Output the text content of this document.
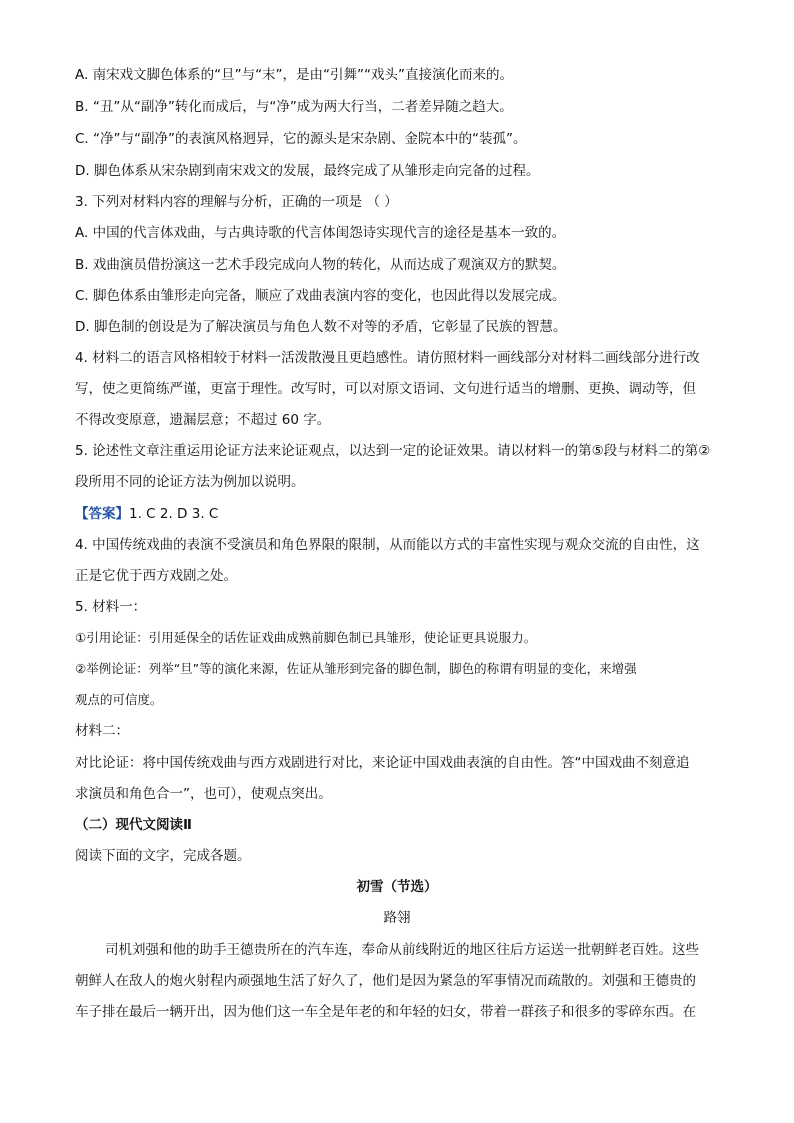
A. 南宋戏文脚色体系的“旦”与“末”，是由“引舞”“戏头”直接演化而来的。
B. “丑”从“副净”转化而成后，与“净”成为两大行当，二者差异随之趋大。
C. “净”与“副净”的表演风格迥异，它的源头是宋杂剧、金院本中的“装孤”。
D. 脚色体系从宋杂剧到南宋戏文的发展，最终完成了从雏形走向完备的过程。
3. 下列对材料内容的理解与分析，正确的一项是 （ ）
A. 中国的代言体戏曲，与古典诗歌的代言体闺怨诗实现代言的途径是基本一致的。
B. 戏曲演员借扮演这一艺术手段完成向人物的转化，从而达成了观演双方的默契。
C. 脚色体系由雏形走向完备，顺应了戏曲表演内容的变化，也因此得以发展完成。
D. 脚色制的创设是为了解决演员与角色人数不对等的矛盾，它彰显了民族的智慧。
4. 材料二的语言风格相较于材料一活泼散漫且更趋感性。请仿照材料一画线部分对材料二画线部分进行改
写，使之更简练严谨，更富于理性。改写时，可以对原文语词、文句进行适当的增删、更换、调动等，但
不得改变原意，遗漏层意；不超过 60 字。
5. 论述性文章注重运用论证方法来论证观点，以达到一定的论证效果。请以材料一的第⑤段与材料二的第②
段所用不同的论证方法为例加以说明。
【答案】1. C 2. D 3. C
4. 中国传统戏曲的表演不受演员和角色界限的限制，从而能以方式的丰富性实现与观众交流的自由性，这
正是它优于西方戏剧之处。
5. 材料一：
①引用论证：引用延保全的话佐证戏曲成熟前脚色制已具雏形，使论证更具说服力。
②举例论证：列举“旦”等的演化来源，佐证从雏形到完备的脚色制，脚色的称谓有明显的变化，来增强
观点的可信度。
材料二：
对比论证：将中国传统戏曲与西方戏剧进行对比，来论证中国戏曲表演的自由性。答“中国戏曲不刻意追
求演员和角色合一”，也可），使观点突出。
（二）现代文阅读Ⅱ
阅读下面的文字，完成各题。
初雪（节选）
路翎
司机刘强和他的助手王德贵所在的汽车连，奉命从前线附近的地区往后方运送一批朝鲜老百姓。这些
朝鲜人在敌人的炮火射程内顽强地生活了好久了，他们是因为紧急的军事情况而疏散的。刘强和王德贵的
车子排在最后一辆开出，因为他们这一车全是年老的和年轻的妇女，带着一群孩子和很多的零碎东西。在
